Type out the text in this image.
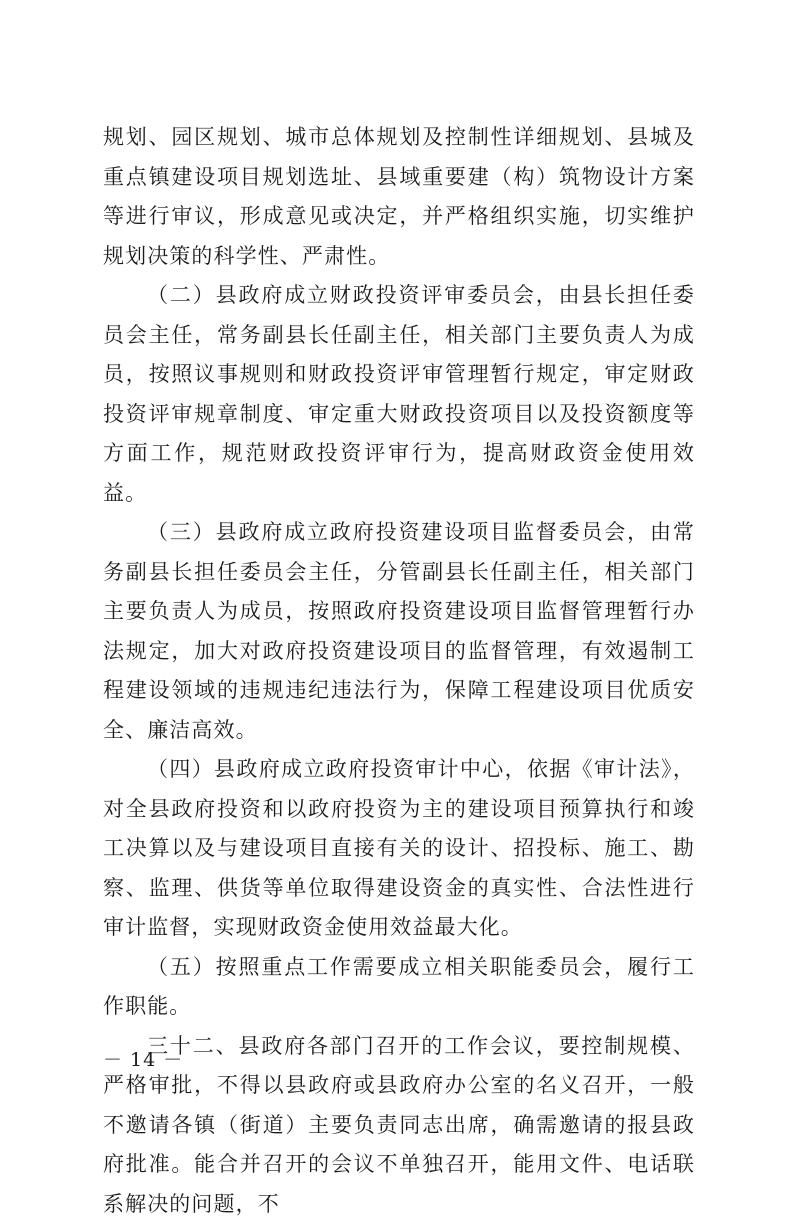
规划、园区规划、城市总体规划及控制性详细规划、县城及重点镇建设项目规划选址、县域重要建（构）筑物设计方案等进行审议，形成意见或决定，并严格组织实施，切实维护规划决策的科学性、严肃性。

（二）县政府成立财政投资评审委员会，由县长担任委员会主任，常务副县长任副主任，相关部门主要负责人为成员，按照议事规则和财政投资评审管理暂行规定，审定财政投资评审规章制度、审定重大财政投资项目以及投资额度等方面工作，规范财政投资评审行为，提高财政资金使用效益。

（三）县政府成立政府投资建设项目监督委员会，由常务副县长担任委员会主任，分管副县长任副主任，相关部门主要负责人为成员，按照政府投资建设项目监督管理暂行办法规定，加大对政府投资建设项目的监督管理，有效遏制工程建设领域的违规违纪违法行为，保障工程建设项目优质安全、廉洁高效。

（四）县政府成立政府投资审计中心，依据《审计法》，对全县政府投资和以政府投资为主的建设项目预算执行和竣工决算以及与建设项目直接有关的设计、招投标、施工、勘察、监理、供货等单位取得建设资金的真实性、合法性进行审计监督，实现财政资金使用效益最大化。

（五）按照重点工作需要成立相关职能委员会，履行工作职能。

三十二、县政府各部门召开的工作会议，要控制规模、严格审批，不得以县政府或县政府办公室的名义召开，一般不邀请各镇（街道）主要负责同志出席，确需邀请的报县政府批准。能合并召开的会议不单独召开，能用文件、电话联系解决的问题，不

－ 14 －
